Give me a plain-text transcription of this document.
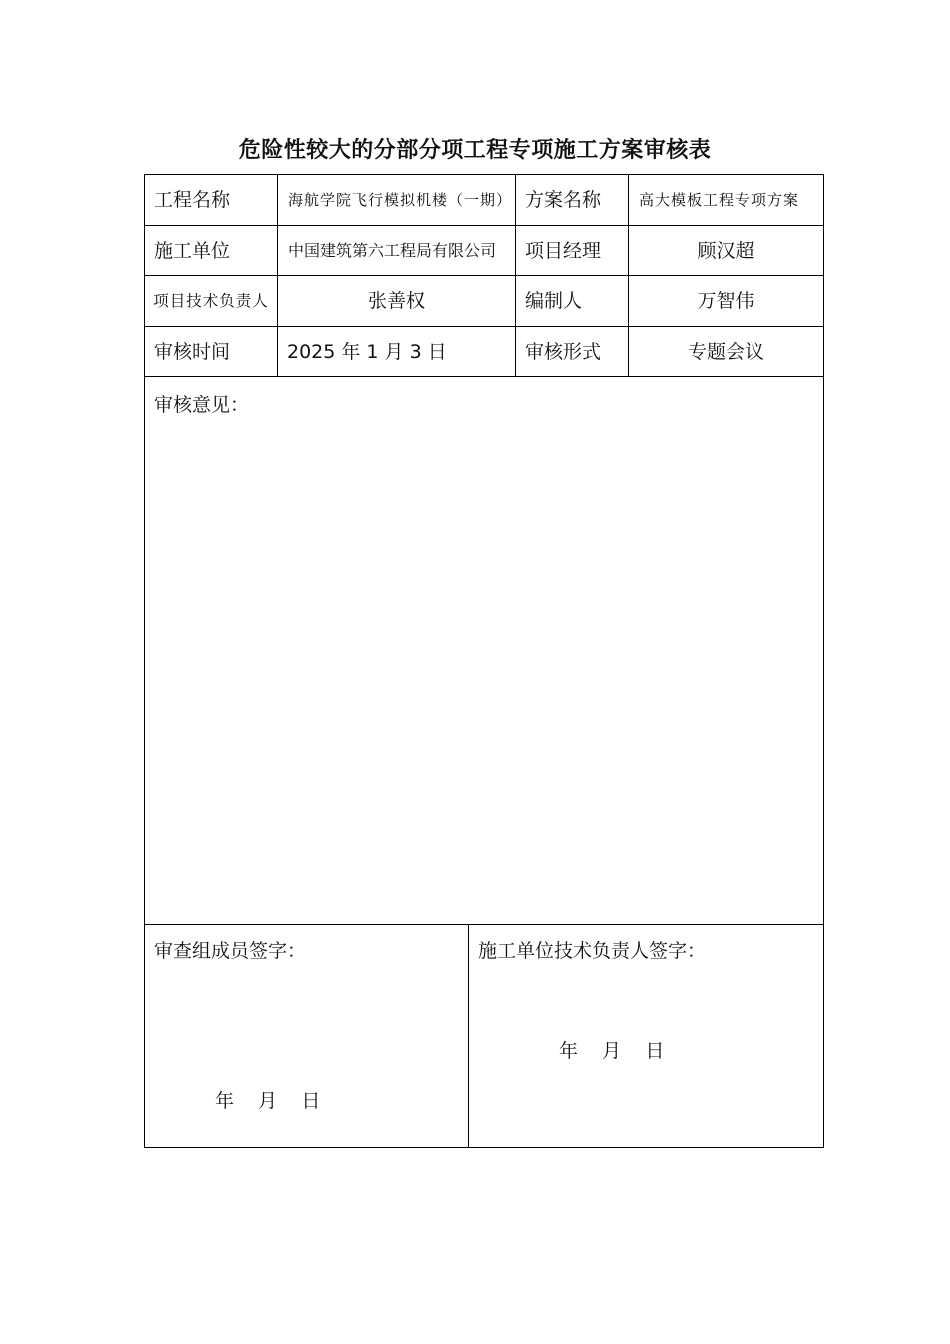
危险性较大的分部分项工程专项施工方案审核表
工程名称	海航学院飞行模拟机楼（一期） 方案名称	高大模板工程专项方案
施工单位	中国建筑第六工程局有限公司	项目经理	顾汉超
项目技术负责人	张善权	编制人	万智伟
审核时间	2025 年 1 月 3 日	审核形式	专题会议
审核意见：
审查组成员签字：
年    月    日
施工单位技术负责人签字：
年    月    日
